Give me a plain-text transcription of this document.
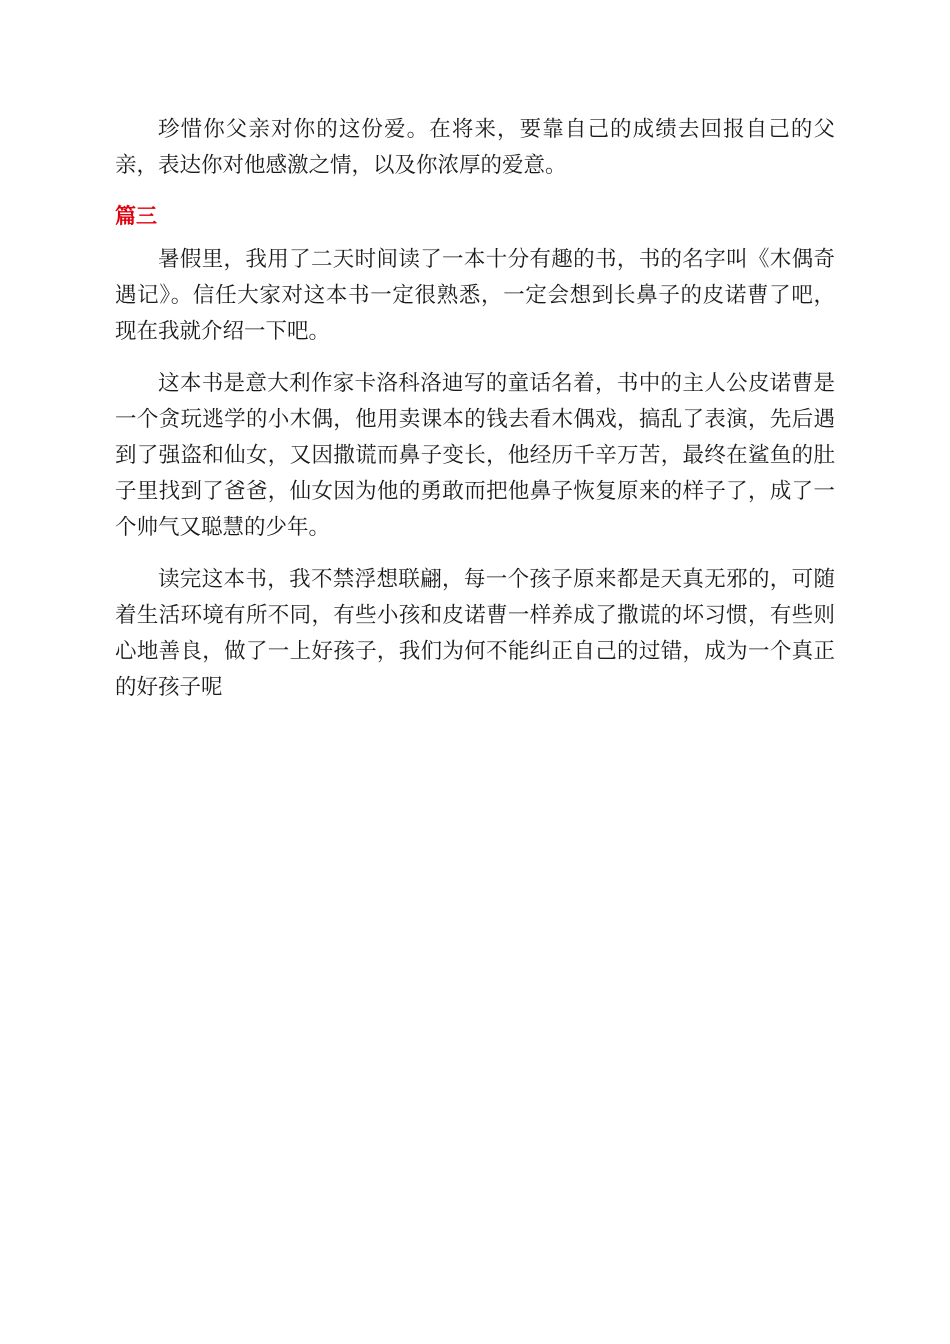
珍惜你父亲对你的这份爱。在将来，要靠自己的成绩去回报自己的父亲，表达你对他感激之情，以及你浓厚的爱意。

篇三

暑假里，我用了二天时间读了一本十分有趣的书，书的名字叫《木偶奇遇记》。信任大家对这本书一定很熟悉，一定会想到长鼻子的皮诺曹了吧，现在我就介绍一下吧。

这本书是意大利作家卡洛科洛迪写的童话名着，书中的主人公皮诺曹是一个贪玩逃学的小木偶，他用卖课本的钱去看木偶戏，搞乱了表演，先后遇到了强盗和仙女，又因撒谎而鼻子变长，他经历千辛万苦，最终在鲨鱼的肚子里找到了爸爸，仙女因为他的勇敢而把他鼻子恢复原来的样子了，成了一个帅气又聪慧的少年。

读完这本书，我不禁浮想联翩，每一个孩子原来都是天真无邪的，可随着生活环境有所不同，有些小孩和皮诺曹一样养成了撒谎的坏习惯，有些则心地善良，做了一上好孩子，我们为何不能纠正自己的过错，成为一个真正的好孩子呢
